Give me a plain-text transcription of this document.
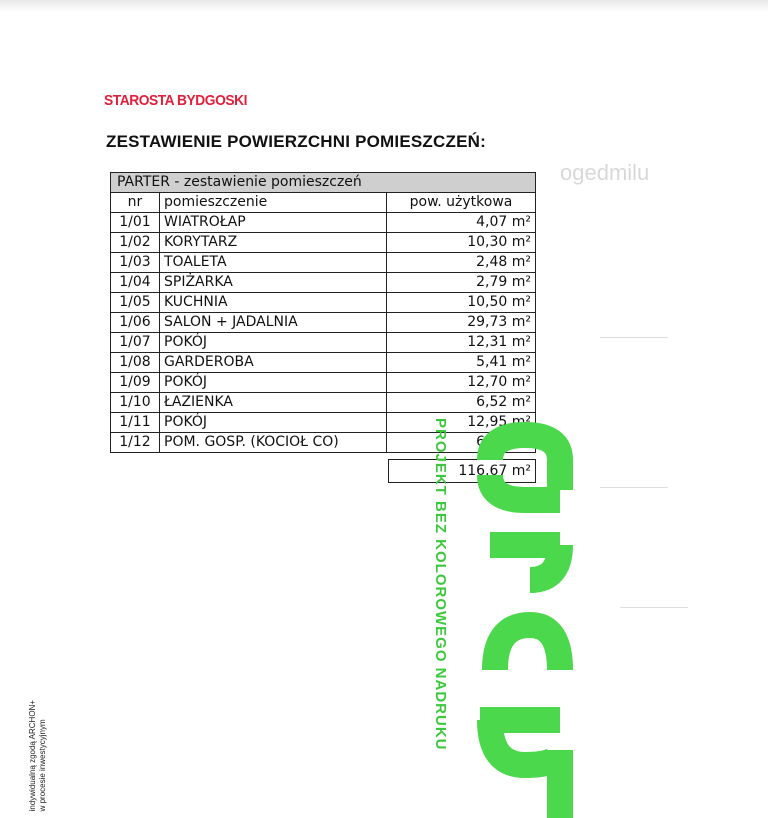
ogedmilu
────────
────────
────────
STAROSTA BYDGOSKI
ZESTAWIENIE POWIERZCHNI POMIESZCZEŃ:
PARTER - zestawienie pomieszczeń		
nr	pomieszczenie	pow. użytkowa
1/01	WIATROŁAP	4,07 m²
1/02	KORYTARZ	10,30 m²
1/03	TOALETA	2,48 m²
1/04	SPIŻARKA	2,79 m²
1/05	KUCHNIA	10,50 m²
1/06	SALON + JADALNIA	29,73 m²
1/07	POKÓJ	12,31 m²
1/08	GARDEROBA	5,41 m²
1/09	POKÓJ	12,70 m²
1/10	ŁAZIENKA	6,52 m²
1/11	POKÓJ	12,95 m²
1/12	POM. GOSP. (KOCIOŁ CO)	6,91 m²
116,67 m²
PROJEKT BEZ KOLOROWEGO NADRUKU
indywidualną zgodą ARCHON+
w procesie inwestycyjnym
